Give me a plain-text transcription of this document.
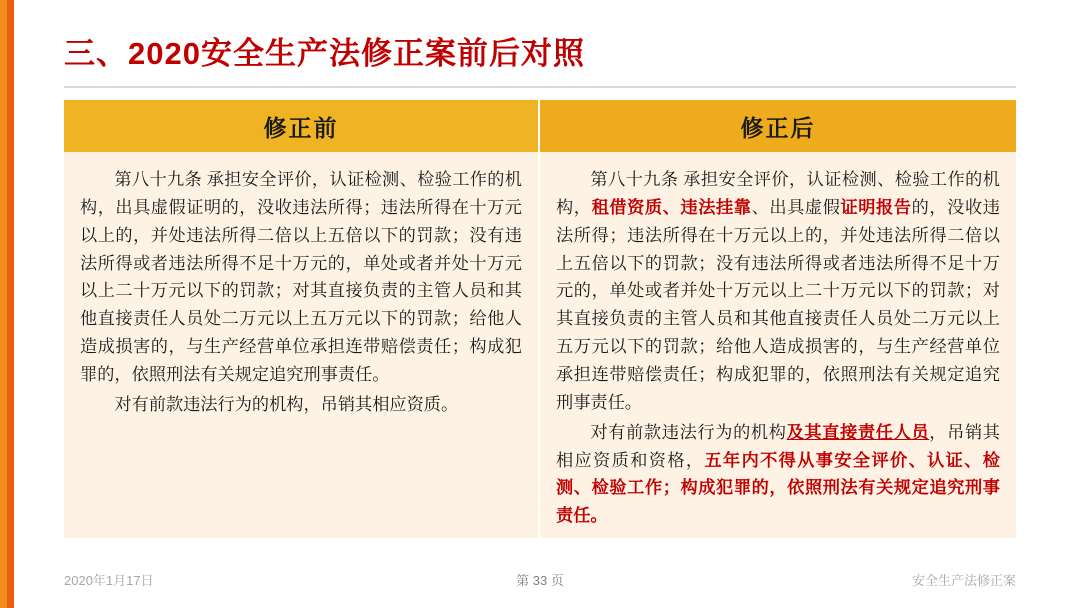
三、2020安全生产法修正案前后对照
修正前

第八十九条 承担安全评价，认证检测、检验工作的机构，出具虚假证明的，没收违法所得；违法所得在十万元以上的，并处违法所得二倍以上五倍以下的罚款；没有违法所得或者违法所得不足十万元的，单处或者并处十万元以上二十万元以下的罚款；对其直接负责的主管人员和其他直接责任人员处二万元以上五万元以下的罚款；给他人造成损害的，与生产经营单位承担连带赔偿责任；构成犯罪的，依照刑法有关规定追究刑事责任。

对有前款违法行为的机构，吊销其相应资质。

修正后

第八十九条 承担安全评价，认证检测、检验工作的机构，租借资质、违法挂靠、出具虚假证明报告的，没收违法所得；违法所得在十万元以上的，并处违法所得二倍以上五倍以下的罚款；没有违法所得或者违法所得不足十万元的，单处或者并处十万元以上二十万元以下的罚款；对其直接负责的主管人员和其他直接责任人员处二万元以上五万元以下的罚款；给他人造成损害的，与生产经营单位承担连带赔偿责任；构成犯罪的，依照刑法有关规定追究刑事责任。

对有前款违法行为的机构及其直接责任人员，吊销其相应资质和资格，五年内不得从事安全评价、认证、检测、检验工作；构成犯罪的，依照刑法有关规定追究刑事责任。

2020年1月17日	第 33 页	安全生产法修正案
